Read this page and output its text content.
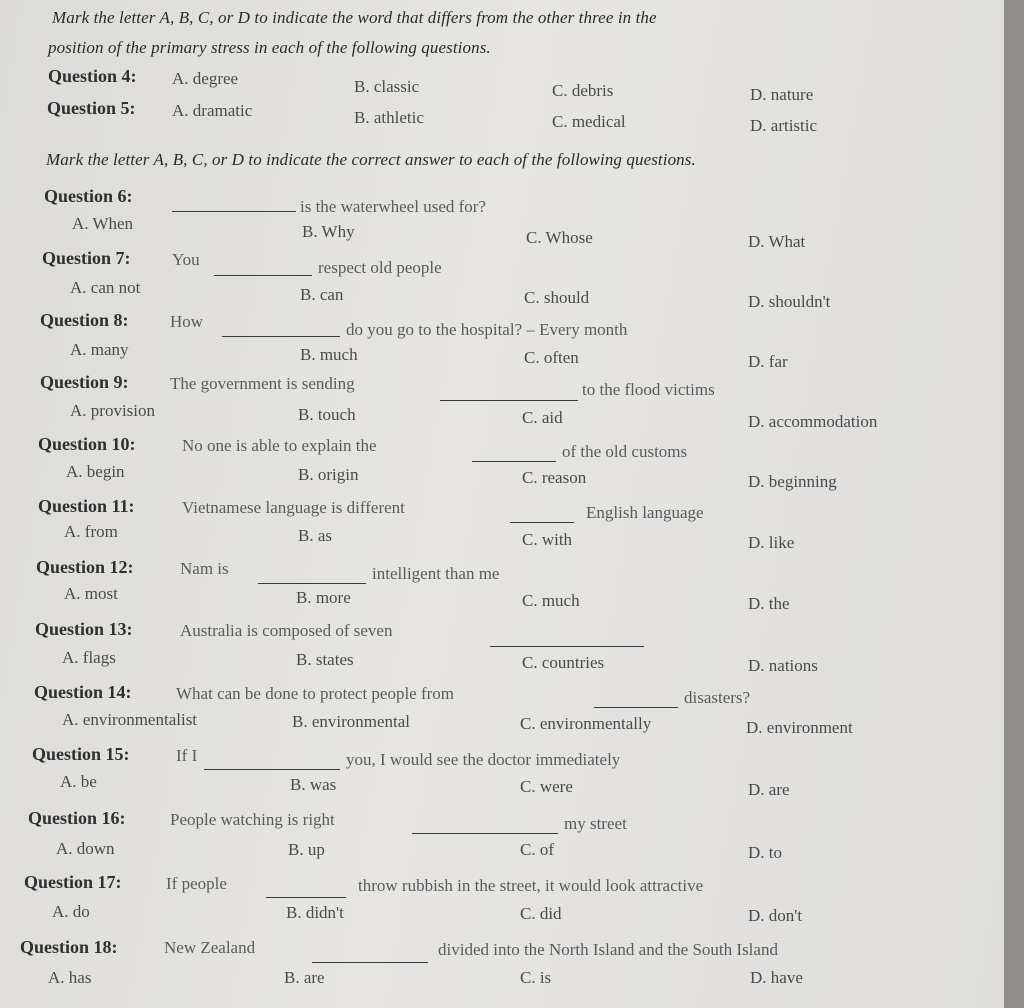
Mark the letter A, B, C, or D to indicate the word that differs from the other three in the
position of the primary stress in each of the following questions.
Question 4: A. degree	B. classic	C. debris	D. nature
Question 5: A. dramatic	B. athletic	C. medical	D. artistic
Mark the letter A, B, C, or D to indicate the correct answer to each of the following questions.
Question 6:
is the waterwheel used for?
A. When	B. Why	C. Whose	D. What
Question 7: You	respect old people
A. can not	B. can	C. should	D. shouldn't
Question 8: How	do you go to the hospital? – Every month
A. many	B. much	C. often	D. far
Question 9: The government is sending	to the flood victims
A. provision	B. touch	C. aid	D. accommodation
Question 10:	No one is able to explain the	of the old customs
A. begin	B. origin	C. reason	D. beginning
Question 11:	Vietnamese language is different	English language
A. from	B. as	C. with	D. like
Question 12:	Nam is	intelligent than me
A. most	B. more	C. much	D. the
Question 13:	Australia is composed of seven
A. flags	B. states	C. countries	D. nations
Question 14:	What can be done to protect people from	disasters?
A. environmentalist	B. environmental	C. environmentally	D. environment
Question 15:	If I	you, I would see the doctor immediately
A. be	B. was	C. were	D. are
Question 16:	People watching is right	my street
A. down	B. up	C. of	D. to
Question 17:	If people	throw rubbish in the street, it would look attractive
A. do	B. didn't	C. did	D. don't
Question 18:	New Zealand	divided into the North Island and the South Island
A. has	B. are	C. is	D. have
